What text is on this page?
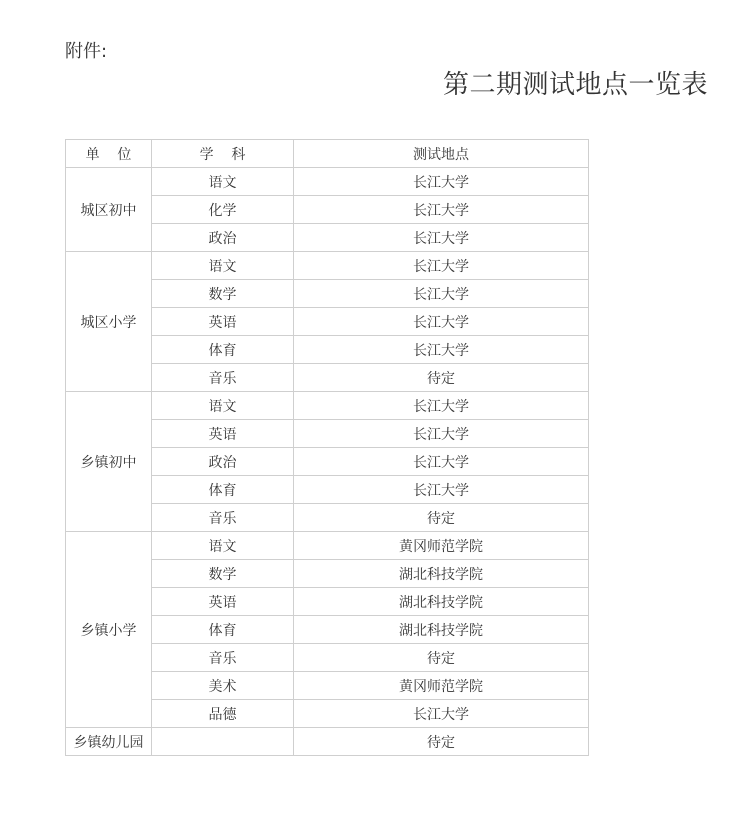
附件:
第二期测试地点一览表
单    位	学    科	测试地点
城区初中	语文	长江大学
	化学	长江大学
	政治	长江大学
城区小学	语文	长江大学
	数学	长江大学
	英语	长江大学
	体育	长江大学
	音乐	待定
乡镇初中	语文	长江大学
	英语	长江大学
	政治	长江大学
	体育	长江大学
	音乐	待定
乡镇小学	语文	黄冈师范学院
	数学	湖北科技学院
	英语	湖北科技学院
	体育	湖北科技学院
	音乐	待定
	美术	黄冈师范学院
	品德	长江大学
乡镇幼儿园		待定
